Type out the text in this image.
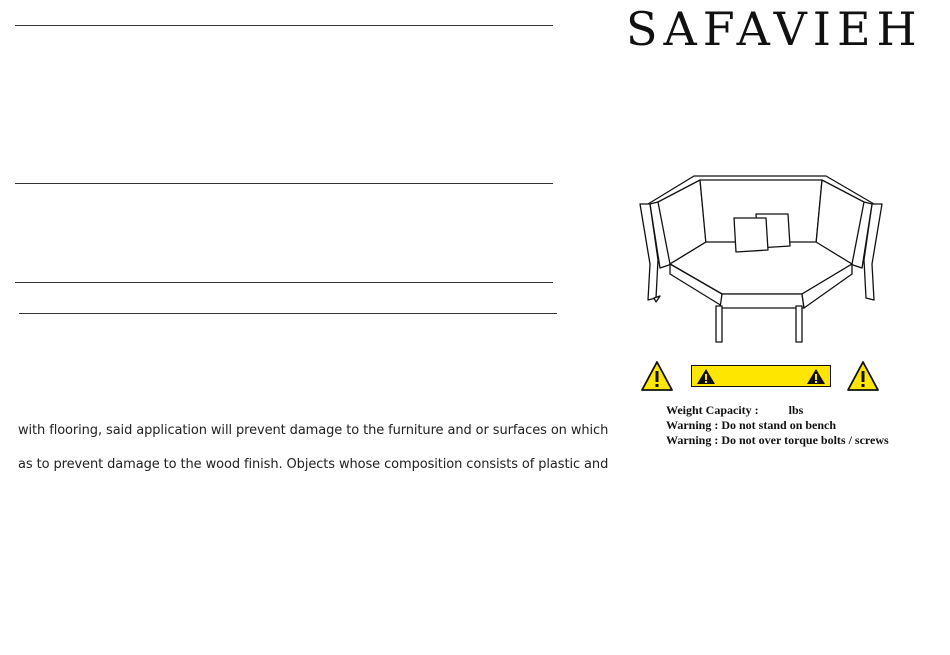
with flooring, said application will prevent damage to the furniture and or surfaces on which
as to prevent damage to the wood finish. Objects whose composition consists of plastic and
SAFAVIEH
Weight Capacity :	lbs
Warning : Do not stand on bench
Warning : Do not over torque bolts / screws
